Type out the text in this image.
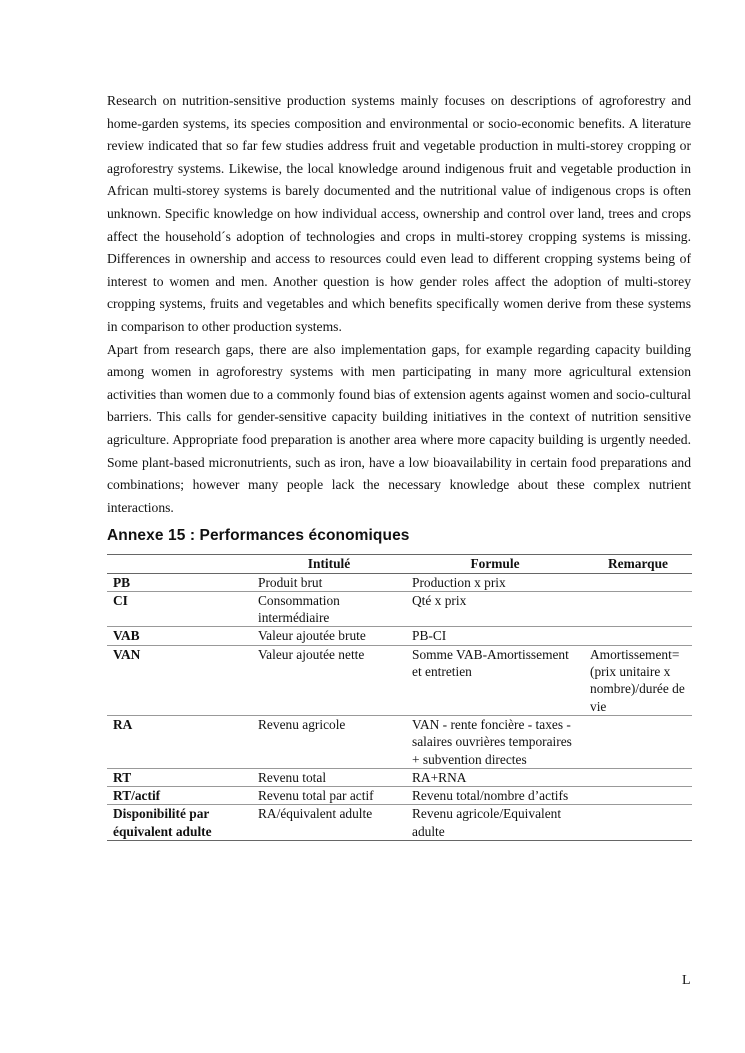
Research on nutrition-sensitive production systems mainly focuses on descriptions of agroforestry and home-garden systems, its species composition and environmental or socio-economic benefits. A literature review indicated that so far few studies address fruit and vegetable production in multi-storey cropping or agroforestry systems. Likewise, the local knowledge around indigenous fruit and vegetable production in African multi-storey systems is barely documented and the nutritional value of indigenous crops is often unknown. Specific knowledge on how individual access, ownership and control over land, trees and crops affect the household´s adoption of technologies and crops in multi-storey cropping systems is missing. Differences in ownership and access to resources could even lead to different cropping systems being of interest to women and men. Another question is how gender roles affect the adoption of multi-storey cropping systems, fruits and vegetables and which benefits specifically women derive from these systems in comparison to other production systems.

Apart from research gaps, there are also implementation gaps, for example regarding capacity building among women in agroforestry systems with men participating in many more agricultural extension activities than women due to a commonly found bias of extension agents against women and socio-cultural barriers. This calls for gender-sensitive capacity building initiatives in the context of nutrition sensitive agriculture. Appropriate food preparation is another area where more capacity building is urgently needed. Some plant-based micronutrients, such as iron, have a low bioavailability in certain food preparations and combinations; however many people lack the necessary knowledge about these complex nutrient interactions.

Annexe 15 : Performances économiques
	Intitulé	Formule	Remarque
PB	Produit brut	Production x prix	
CI	Consommation intermédiaire	Qté x prix	
VAB	Valeur ajoutée brute	PB-CI	
VAN	Valeur ajoutée nette	Somme VAB-Amortissement et entretien	Amortissement=(prix unitaire x nombre)/durée de vie
RA	Revenu agricole	VAN - rente foncière - taxes -salaires ouvrières temporaires + subvention directes	
RT	Revenu total	RA+RNA	
RT/actif	Revenu total par actif	Revenu total/nombre d’actifs	
Disponibilité par équivalent adulte	RA/équivalent adulte	Revenu agricole/Equivalent adulte	
L
